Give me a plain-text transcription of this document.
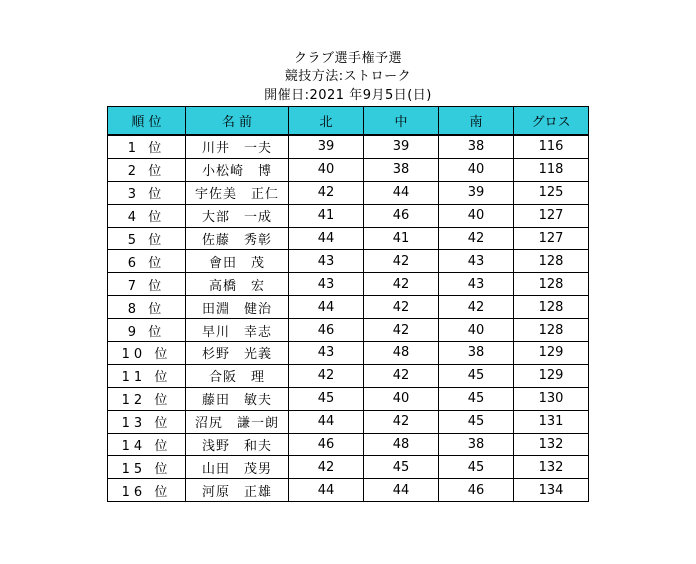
クラブ選手権予選
競技方法:ストローク
開催日:2021 年9月5日(日)
順 位	名 前	北	中	南	グロス
1 位	川井　一夫	39	39	38	116
2 位	小松崎　博	40	38	40	118
3 位	宇佐美　正仁	42	44	39	125
4 位	大部　一成	41	46	40	127
5 位	佐藤　秀彰	44	41	42	127
6 位	會田　茂	43	42	43	128
7 位	高橋　宏	43	42	43	128
8 位	田淵　健治	44	42	42	128
9 位	早川　幸志	46	42	40	128
10 位	杉野　光義	43	48	38	129
11 位	合阪　理	42	42	45	129
12 位	藤田　敏夫	45	40	45	130
13 位	沼尻　謙一朗	44	42	45	131
14 位	浅野　和夫	46	48	38	132
15 位	山田　茂男	42	45	45	132
16 位	河原　正雄	44	44	46	134
